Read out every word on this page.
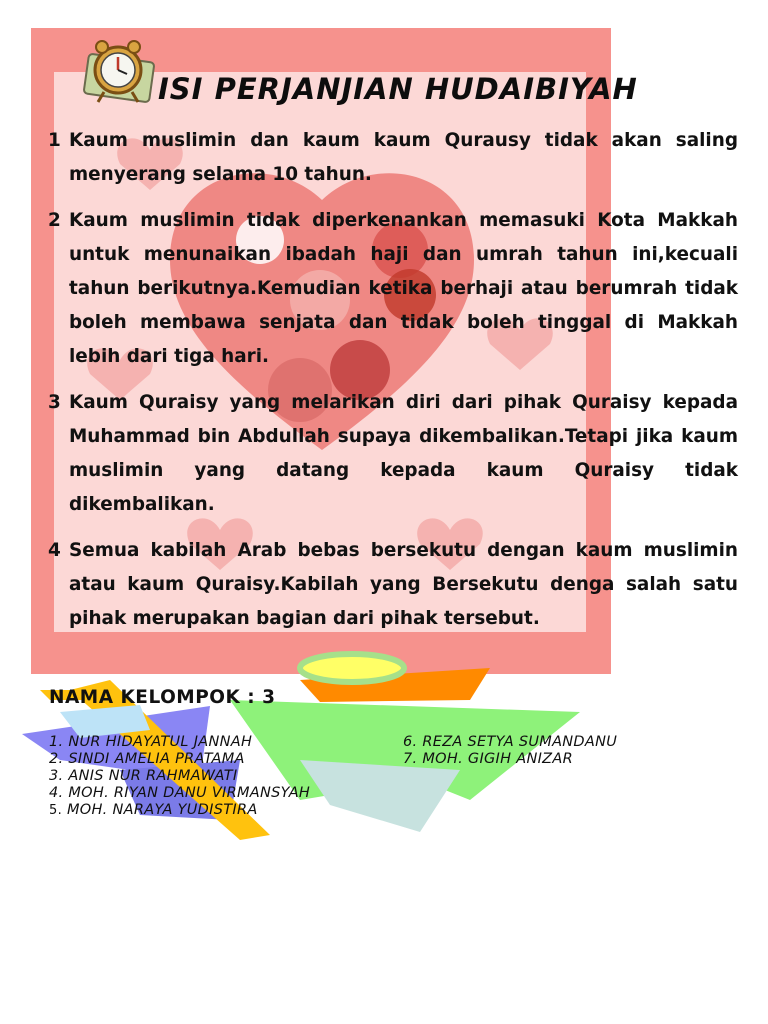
ISI PERJANJIAN HUDAIBIYAH

1 Kaum muslimin dan kaum kaum Qurausy tidak akan saling menyerang selama 10 tahun.

2 Kaum muslimin tidak diperkenankan memasuki Kota Makkah untuk menunaikan ibadah haji dan umrah tahun ini,kecuali tahun berikutnya.Kemudian ketika berhaji atau berumrah tidak boleh membawa senjata dan tidak boleh tinggal di Makkah lebih dari tiga hari.

3 Kaum Quraisy yang melarikan diri dari pihak Quraisy kepada Muhammad bin Abdullah supaya dikembalikan.Tetapi jika kaum muslimin yang datang kepada kaum Quraisy tidak dikembalikan.

4 Semua kabilah Arab bebas bersekutu dengan kaum muslimin atau kaum Quraisy.Kabilah yang Bersekutu denga salah satu pihak merupakan bagian dari pihak tersebut.

NAMA KELOMPOK : 3
1. NUR HIDAYATUL JANNAH
2. SINDI AMELIA PRATAMA
3. ANIS NUR RAHMAWATI
4. MOH. RIYAN DANU VIRMANSYAH
5. MOH. NARAYA YUDISTIRA
6. REZA SETYA SUMANDANU
7. MOH. GIGIH ANIZAR
